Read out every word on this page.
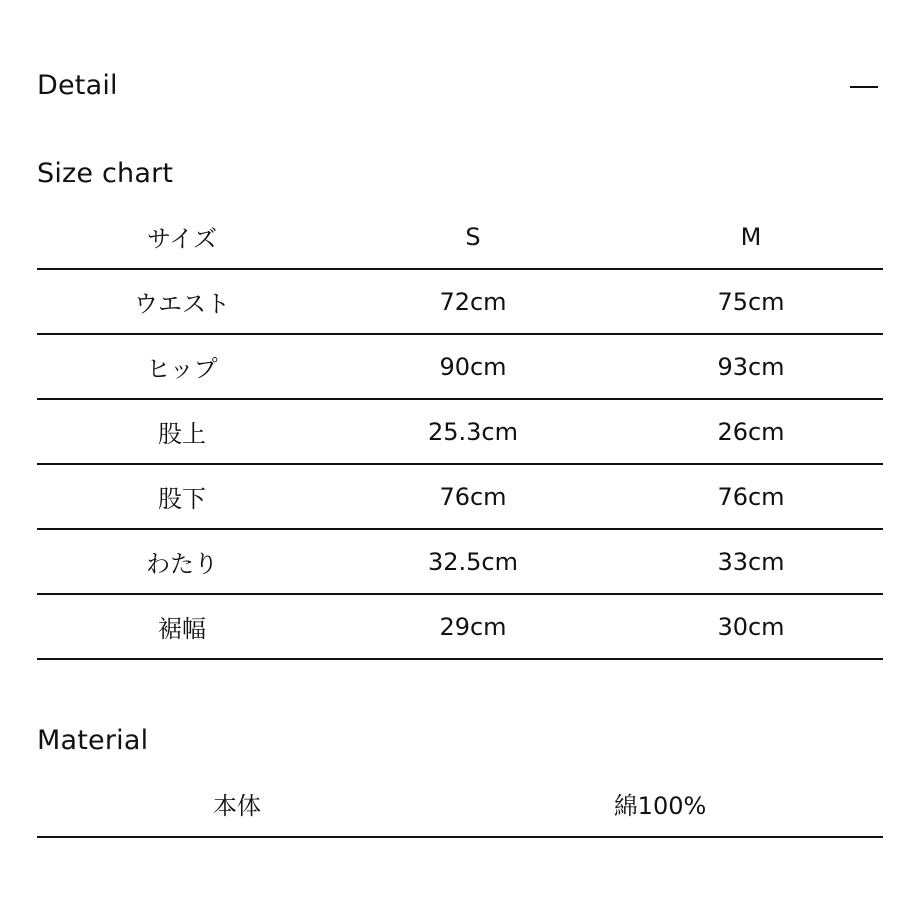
Detail
Size chart
サイズ	S	M
ウエスト	72cm	75cm
ヒップ	90cm	93cm
股上	25.3cm	26cm
股下	76cm	76cm
わたり	32.5cm	33cm
裾幅	29cm	30cm
Material
本体	綿100%
